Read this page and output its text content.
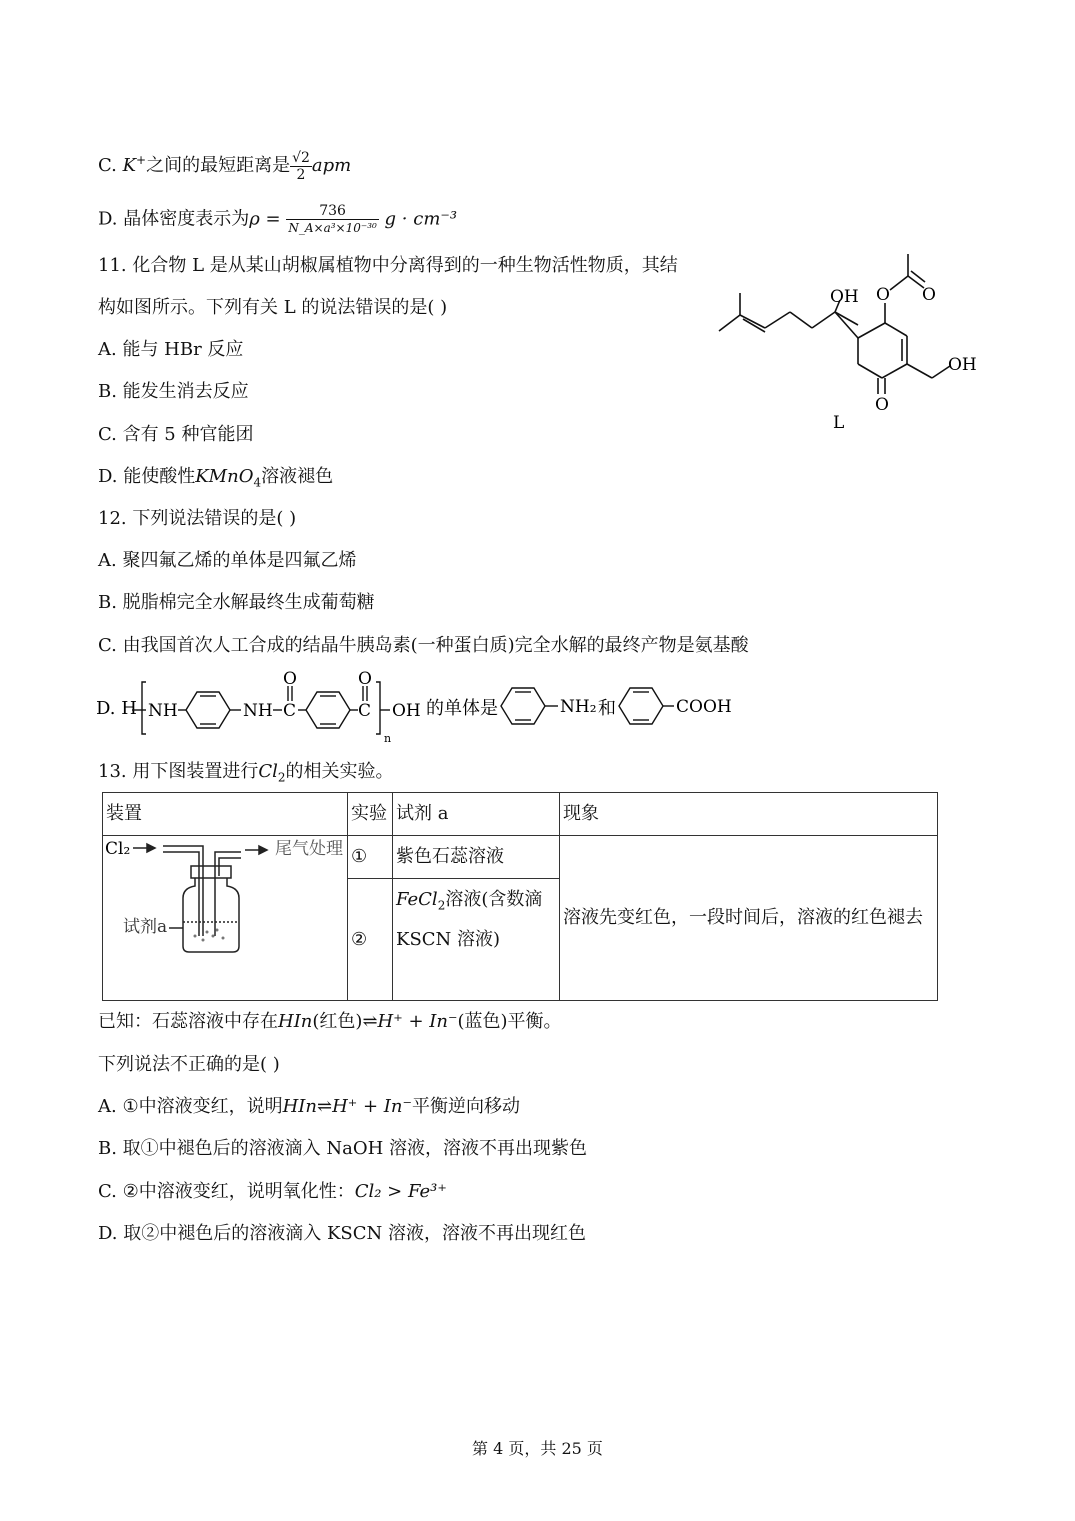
C. K+之间的最短距离是 $\frac{√2}{2}$ apm
D. 晶体密度表示为$\rho = \frac{736}{\text{N\_A×a³×10⁻³⁰}}$ g · cm⁻³
11. 化合物 L 是从某山胡椒属植物中分离得到的一种生物活性物质，其结
构如图所示。下列有关 L 的说法错误的是( )
A. 能与 HBr 反应
B. 能发生消去反应
C. 含有 5 种官能团
D. 能使酸性KMnO$_4$溶液褪色
OH O O
O
OH
L
12. 下列说法错误的是( )
A. 聚四氟乙烯的单体是四氟乙烯
B. 脱脂棉完全水解最终生成葡萄糖
C. 由我国首次人工合成的结晶牛胰岛素(一种蛋白质)完全水解的最终产物是氨基酸
D. H NH	NH C
O
C
O
OH
n
的单体是	NH₂ 和	COOH
13. 用下图装置进行$Cl_2$的相关实验。
装置	实验	试剂 a	现象

Cl₂ 尾气处理
试剂a	①	紫色石蕊溶液	溶液先变红色，一段时间后，溶液的红色褪去
	②	FeCl$_2$溶液(含数滴 KSCN 溶液)	
已知：石蕊溶液中存在HIn(红色)⇌H⁺ + In⁻(蓝色)平衡。
下列说法不正确的是( )
A. ①中溶液变红，说明HIn⇌H⁺ + In⁻平衡逆向移动
B. 取①中褪色后的溶液滴入 NaOH 溶液，溶液不再出现紫色
C. ②中溶液变红，说明氧化性：Cl₂ > Fe³⁺
D. 取②中褪色后的溶液滴入 KSCN 溶液，溶液不再出现红色
第 4 页，共 25 页
